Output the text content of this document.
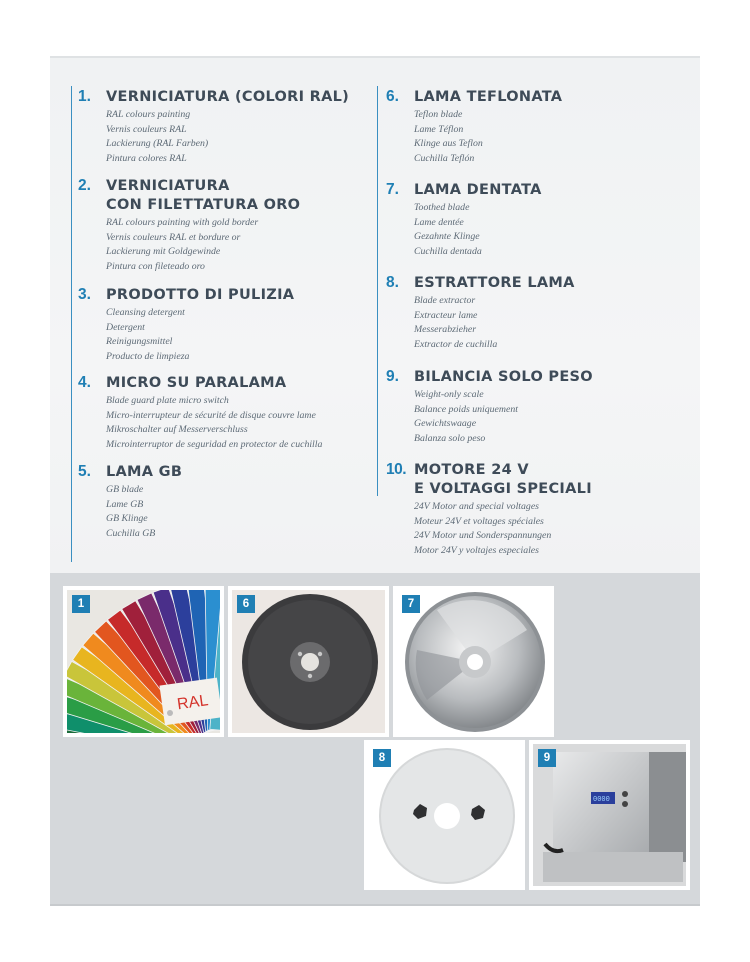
1.	VERNICIATURA (COLORI RAL)
RAL colours painting
Vernis couleurs RAL
Lackierung (RAL Farben)
Pintura colores RAL
2.	VERNICIATURA
CON FILETTATURA ORO
RAL colours painting with gold border
Vernis couleurs RAL et bordure or
Lackierung mit Goldgewinde
Pintura con fileteado oro
3.	PRODOTTO DI PULIZIA
Cleansing detergent
Detergent
Reinigungsmittel
Producto de limpieza
4.	MICRO SU PARALAMA
Blade guard plate micro switch
Micro-interrupteur de sécurité de disque couvre lame
Mikroschalter auf Messerverschluss
Microinterruptor de seguridad en protector de cuchilla
5.	LAMA GB
GB blade
Lame GB
GB Klinge
Cuchilla GB
6.	LAMA TEFLONATA
Teflon blade
Lame Téflon
Klinge aus Teflon
Cuchilla Teflón
7.	LAMA DENTATA
Toothed blade
Lame dentée
Gezahnte Klinge
Cuchilla dentada
8.	ESTRATTORE LAMA
Blade extractor
Extracteur lame
Messerabzieher
Extractor de cuchilla
9.	BILANCIA SOLO PESO
Weight-only scale
Balance poids uniquement
Gewichtswaage
Balanza solo peso
10. MOTORE 24 V
E VOLTAGGI SPECIALI
24V Motor and special voltages
Moteur 24V et voltages spéciales
24V Motor und Sonderspannungen
Motor 24V y voltajes especiales
1
RAL
6	7
8	9
0000
